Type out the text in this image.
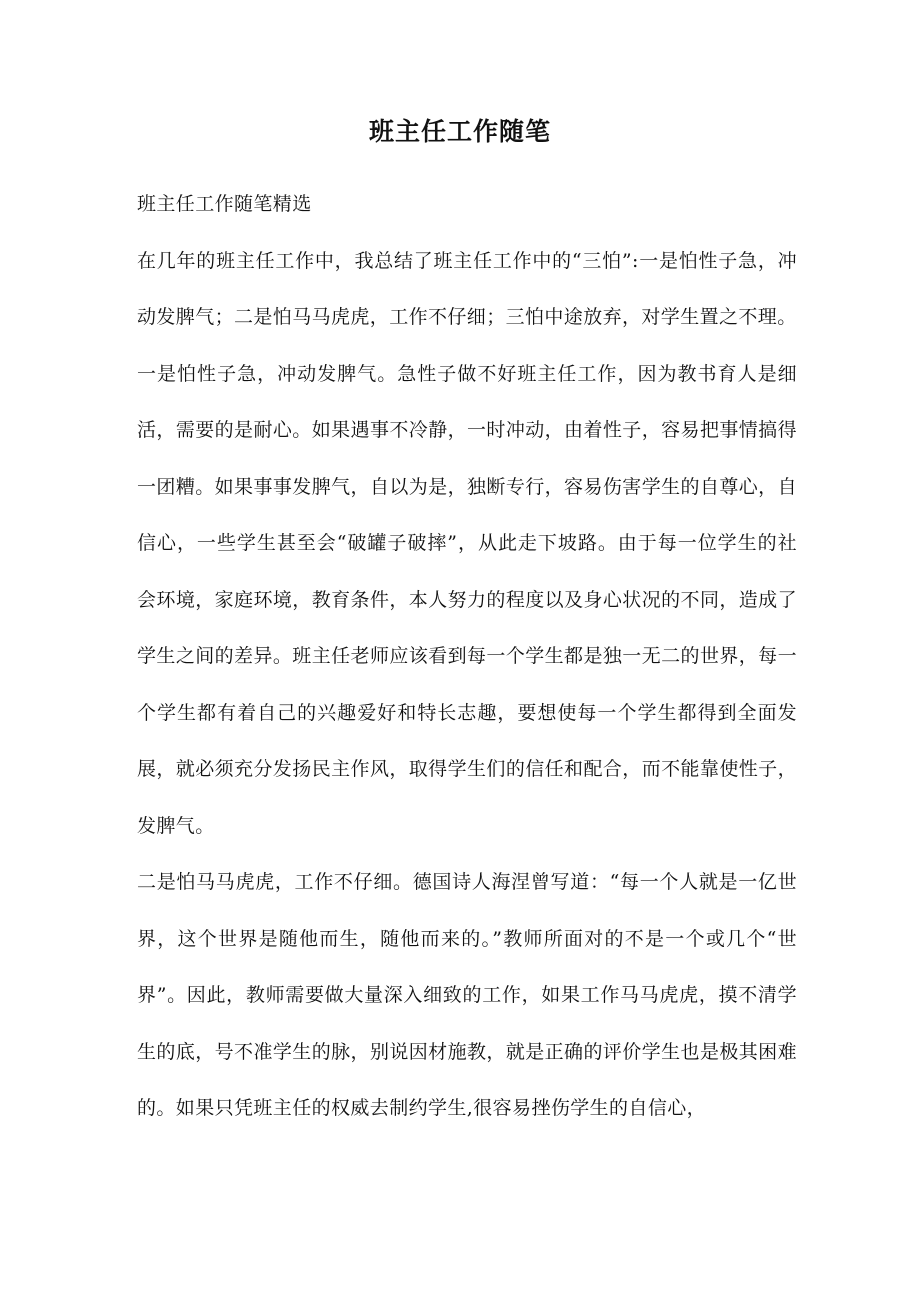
班主任工作随笔

班主任工作随笔精选

在几年的班主任工作中，我总结了班主任工作中的“三怕”:一是怕性子急，冲动发脾气；二是怕马马虎虎，工作不仔细；三怕中途放弃，对学生置之不理。

一是怕性子急，冲动发脾气。急性子做不好班主任工作，因为教书育人是细活，需要的是耐心。如果遇事不冷静，一时冲动，由着性子，容易把事情搞得一团糟。如果事事发脾气，自以为是，独断专行，容易伤害学生的自尊心，自信心，一些学生甚至会“破罐子破摔”，从此走下坡路。由于每一位学生的社会环境，家庭环境，教育条件，本人努力的程度以及身心状况的不同，造成了学生之间的差异。班主任老师应该看到每一个学生都是独一无二的世界，每一个学生都有着自己的兴趣爱好和特长志趣，要想使每一个学生都得到全面发展，就必须充分发扬民主作风，取得学生们的信任和配合，而不能靠使性子，发脾气。

二是怕马马虎虎，工作不仔细。德国诗人海涅曾写道：“每一个人就是一亿世界，这个世界是随他而生，随他而来的。”教师所面对的不是一个或几个“世界”。因此，教师需要做大量深入细致的工作，如果工作马马虎虎，摸不清学生的底，号不准学生的脉，别说因材施教，就是正确的评价学生也是极其困难的。如果只凭班主任的权威去制约学生,很容易挫伤学生的自信心，
